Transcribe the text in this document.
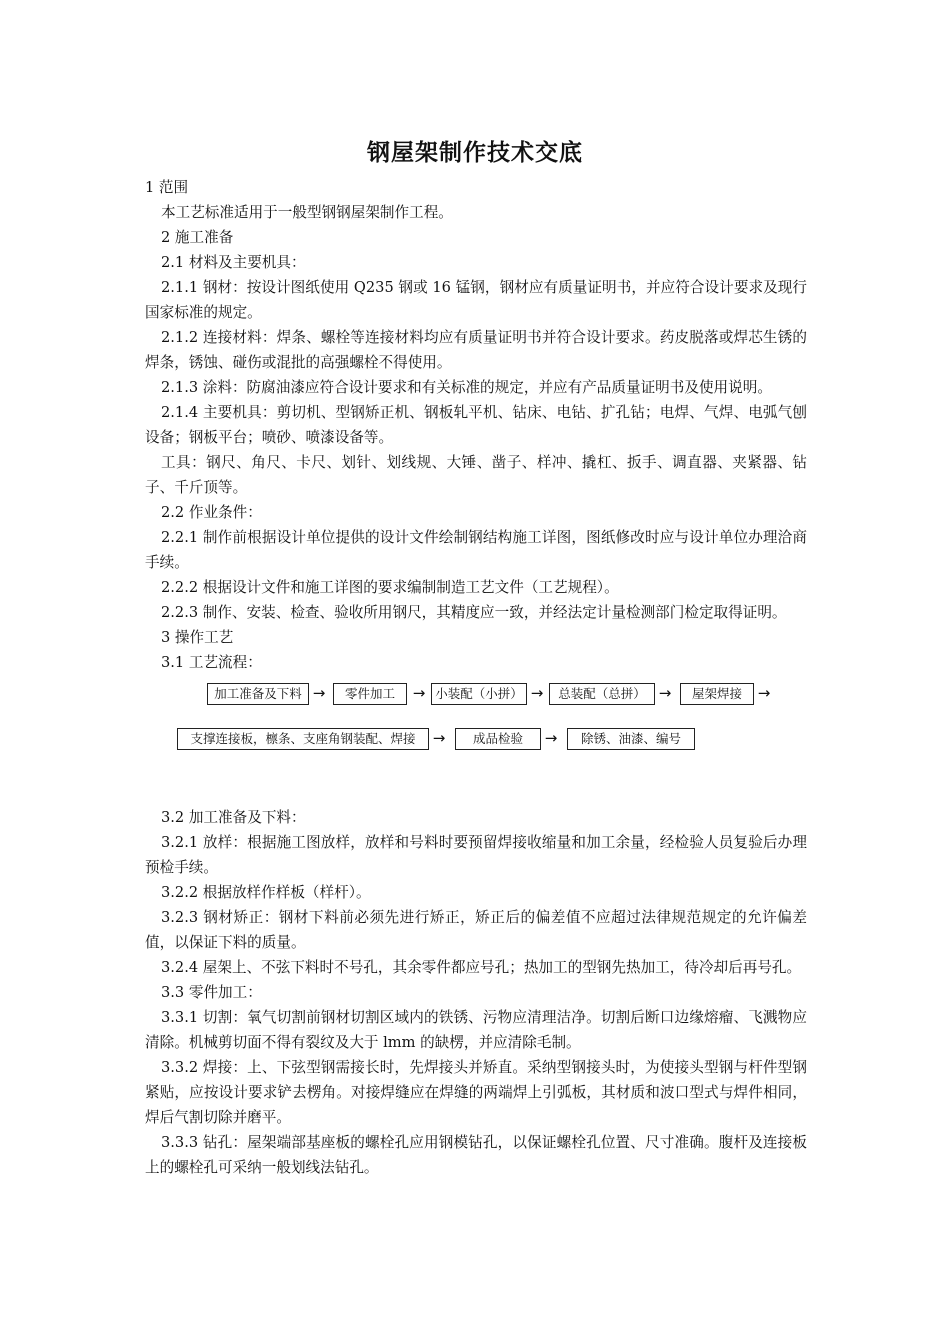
钢屋架制作技术交底

1 范围

本工艺标准适用于一般型钢钢屋架制作工程。

2 施工准备

2.1 材料及主要机具：

2.1.1 钢材：按设计图纸使用 Q235 钢或 16 锰钢，钢材应有质量证明书，并应符合设计要求及现行国家标准的规定。

2.1.2 连接材料：焊条、螺栓等连接材料均应有质量证明书并符合设计要求。药皮脱落或焊芯生锈的焊条，锈蚀、碰伤或混批的高强螺栓不得使用。

2.1.3 涂料：防腐油漆应符合设计要求和有关标准的规定，并应有产品质量证明书及使用说明。

2.1.4 主要机具：剪切机、型钢矫正机、钢板轧平机、钻床、电钻、扩孔钻；电焊、气焊、电弧气刨设备；钢板平台；喷砂、喷漆设备等。

工具：钢尺、角尺、卡尺、划针、划线规、大锤、凿子、样冲、撬杠、扳手、调直器、夹紧器、钻子、千斤顶等。

2.2 作业条件：

2.2.1 制作前根据设计单位提供的设计文件绘制钢结构施工详图，图纸修改时应与设计单位办理洽商手续。

2.2.2 根据设计文件和施工详图的要求编制制造工艺文件（工艺规程）。

2.2.3 制作、安装、检查、验收所用钢尺，其精度应一致，并经法定计量检测部门检定取得证明。

3 操作工艺

3.1 工艺流程：

加工准备及下料 →	零件加工	→ 小装配（小拼） →	总装配（总拼） →	屋架焊接	→
支撑连接板，檩条、支座角钢装配、焊接	→	成品检验	→	除锈、油漆、编号

3.2 加工准备及下料：

3.2.1 放样：根据施工图放样，放样和号料时要预留焊接收缩量和加工余量，经检验人员复验后办理预检手续。

3.2.2 根据放样作样板（样杆）。

3.2.3 钢材矫正：钢材下料前必须先进行矫正，矫正后的偏差值不应超过法律规范规定的允许偏差值，以保证下料的质量。

3.2.4 屋架上、不弦下料时不号孔，其余零件都应号孔；热加工的型钢先热加工，待冷却后再号孔。

3.3 零件加工：

3.3.1 切割：氧气切割前钢材切割区域内的铁锈、污物应清理洁净。切割后断口边缘熔瘤、飞溅物应清除。机械剪切面不得有裂纹及大于 lmm 的缺楞，并应清除毛制。

3.3.2 焊接：上、下弦型钢需接长时，先焊接头并矫直。采纳型钢接头时，为使接头型钢与杆件型钢紧贴，应按设计要求铲去楞角。对接焊缝应在焊缝的两端焊上引弧板，其材质和波口型式与焊件相同，焊后气割切除并磨平。

3.3.3 钻孔：屋架端部基座板的螺栓孔应用钢模钻孔，以保证螺栓孔位置、尺寸准确。腹杆及连接板上的螺栓孔可采纳一般划线法钻孔。
